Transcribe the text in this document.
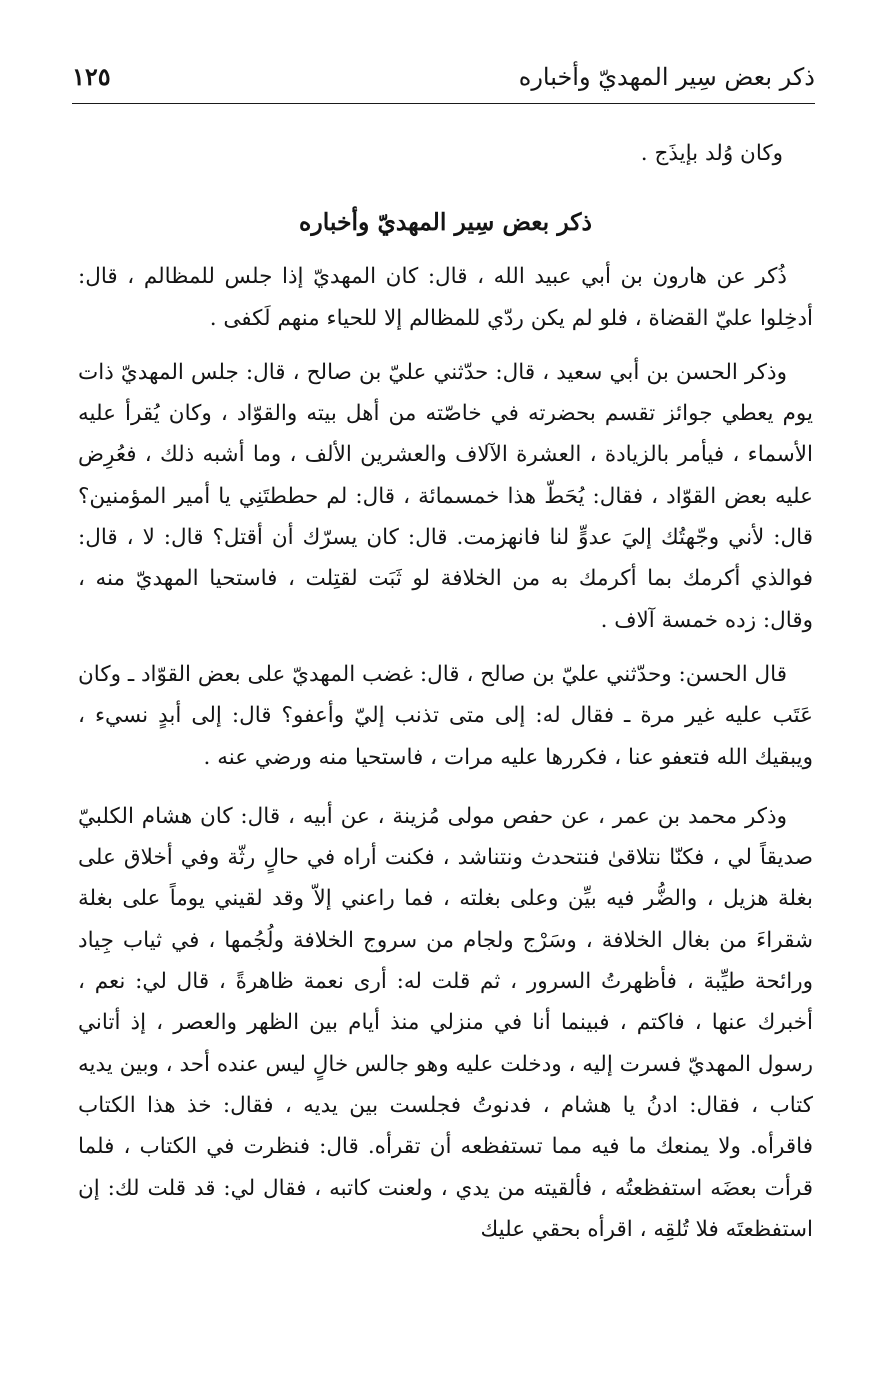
ذكر بعض سِير المهديّ وأخباره
١٢٥

وكان وُلد بإيذَج .

ذكر بعض سِير المهديّ وأخباره

ذُكر عن هارون بن أبي عبيد الله ، قال: كان المهديّ إذا جلس للمظالم ، قال: أدخِلوا عليّ القضاة ، فلو لم يكن ردّي للمظالم إلا للحياء منهم لَكفى .

وذكر الحسن بن أبي سعيد ، قال: حدّثني عليّ بن صالح ، قال: جلس المهديّ ذات يوم يعطي جوائز تقسم بحضرته في خاصّته من أهل بيته والقوّاد ، وكان يُقرأ عليه الأسماء ، فيأمر بالزيادة ، العشرة الآلاف والعشرين الألف ، وما أشبه ذلك ، فعُرِض عليه بعض القوّاد ، فقال: يُحَطّ هذا خمسمائة ، قال: لم حططتَنِي يا أمير المؤمنين؟ قال: لأني وجّهتُك إليَ عدوٍّ لنا فانهزمت. قال: كان يسرّك أن أقتل؟ قال: لا ، قال: فوالذي أكرمك بما أكرمك به من الخلافة لو ثَبَت لقتِلت ، فاستحيا المهديّ منه ، وقال: زده خمسة آلاف .

قال الحسن: وحدّثني عليّ بن صالح ، قال: غضب المهديّ على بعض القوّاد ـ وكان عَتَب عليه غير مرة ـ فقال له: إلى متى تذنب إليّ وأعفو؟ قال: إلى أبدٍ نسيء ، ويبقيك الله فتعفو عنا ، فكررها عليه مرات ، فاستحيا منه ورضي عنه .

وذكر محمد بن عمر ، عن حفص مولى مُزينة ، عن أبيه ، قال: كان هشام الكلبيّ صديقاً لي ، فكنّا نتلاقىٰ فنتحدث ونتناشد ، فكنت أراه في حالٍ رثّة وفي أخلاق على بغلة هزيل ، والضُّر فيه بيِّن وعلى بغلته ، فما راعني إلاّ وقد لقيني يوماً على بغلة شقراءَ من بغال الخلافة ، وسَرْج ولجام من سروج الخلافة ولُجُمها ، في ثياب جِياد ورائحة طيِّبة ، فأظهرتُ السرور ، ثم قلت له: أرى نعمة ظاهرةً ، قال لي: نعم ، أخبرك عنها ، فاكتم ، فبينما أنا في منزلي منذ أيام بين الظهر والعصر ، إذ أتاني رسول المهديّ فسرت إليه ، ودخلت عليه وهو جالس خالٍ ليس عنده أحد ، وبين يديه كتاب ، فقال: ادنُ يا هشام ، فدنوتُ فجلست بين يديه ، فقال: خذ هذا الكتاب فاقرأه. ولا يمنعك ما فيه مما تستفظعه أن تقرأه. قال: فنظرت في الكتاب ، فلما قرأت بعضَه استفظعتُه ، فألقيته من يدي ، ولعنت كاتبه ، فقال لي: قد قلت لك: إن استفظعتَه فلا تُلقِه ، اقرأه بحقي عليك
